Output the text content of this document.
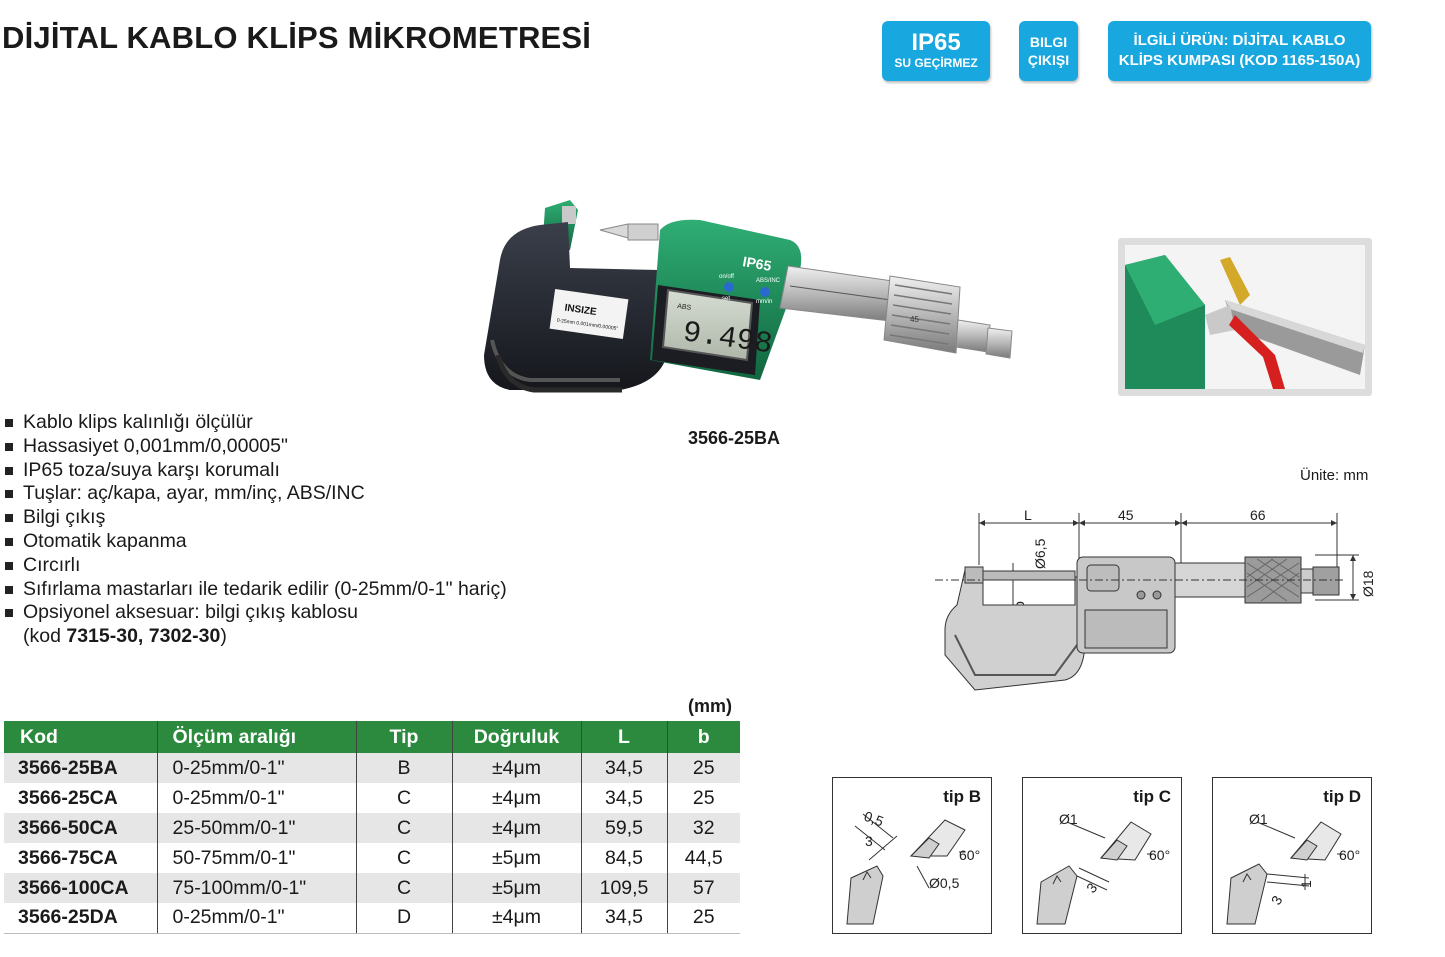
DİJİTAL KABLO KLİPS MİKROMETRESİ	IP65
SU GEÇİRMEZ
BILGI
ÇIKIŞI
İLGİLİ ÜRÜN: DİJİTAL KABLO
KLİPS KUMPASI (KOD 1165-150A)
INSIZE
0-25mm 0.001mm/0.00005"
ABS
9.498
on/off
set
ABS/INC
mm/in
IP65
45
3566-25BA
Kablo klips kalınlığı ölçülür
Hassasiyet 0,001mm/0,00005"
IP65 toza/suya karşı korumalı
Tuşlar: aç/kapa, ayar, mm/inç, ABS/INC
Bilgi çıkış
Otomatik kapanma
Cırcırlı
Sıfırlama mastarları ile tedarik edilir (0-25mm/0-1" hariç)
Opsiyonel aksesuar: bilgi çıkış kablosu
(kod 7315-30, 7302-30)
Ünite: mm
L	45	66
Ø6,5
Ø18
(mm)
Kod	Ölçüm aralığı	Tip	Doğruluk	L	b
3566-25BA	0-25mm/0-1"	B	±4μm	34,5	25
3566-25CA	0-25mm/0-1"	C	±4μm	34,5	25
3566-50CA	25-50mm/0-1"	C	±4μm	59,5	32
3566-75CA	50-75mm/0-1"	C	±5μm	84,5	44,5
3566-100CA	75-100mm/0-1"	C	±5μm	109,5	57
3566-25DA	0-25mm/0-1"	D	±4μm	34,5	25
0,5
3
60°
Ø0,5
tip B
Ø1
60°
3
tip C
Ø1
60°
3
1
tip D
